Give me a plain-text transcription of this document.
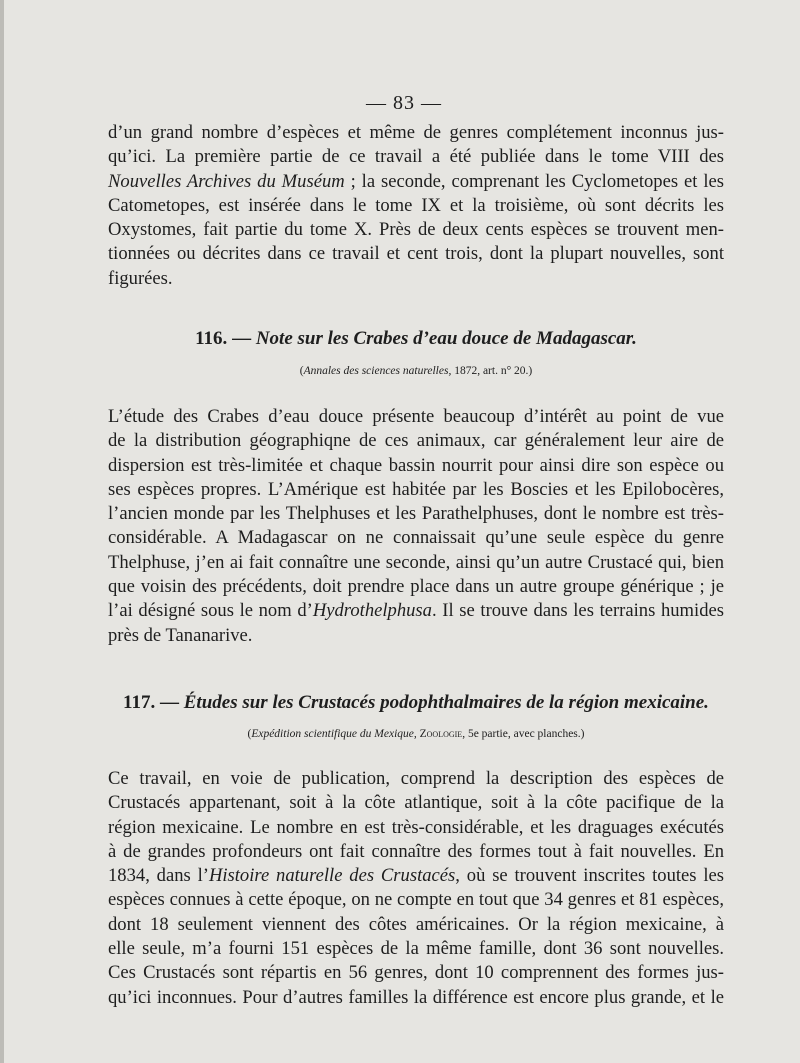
— 83 —
d’un grand nombre d’espèces et même de genres complétement inconnus jus-
qu’ici. La première partie de ce travail a été publiée dans le tome VIII des
Nouvelles Archives du Muséum ; la seconde, comprenant les Cyclometopes et les
Catometopes, est insérée dans le tome IX et la troisième, où sont décrits les
Oxystomes, fait partie du tome X. Près de deux cents espèces se trouvent men-
tionnées ou décrites dans ce travail et cent trois, dont la plupart nouvelles, sont
figurées.
116. — Note sur les Crabes d’eau douce de Madagascar.
(Annales des sciences naturelles, 1872, art. n° 20.)
L’étude des Crabes d’eau douce présente beaucoup d’intérêt au point de vue
de la distribution géographiqne de ces animaux, car généralement leur aire de
dispersion est très-limitée et chaque bassin nourrit pour ainsi dire son espèce ou
ses espèces propres. L’Amérique est habitée par les Boscies et les Epilobocères,
l’ancien monde par les Thelphuses et les Parathelphuses, dont le nombre est très-
considérable. A Madagascar on ne connaissait qu’une seule espèce du genre
Thelphuse, j’en ai fait connaître une seconde, ainsi qu’un autre Crustacé qui, bien
que voisin des précédents, doit prendre place dans un autre groupe générique ; je
l’ai désigné sous le nom d’Hydrothelphusa. Il se trouve dans les terrains humides
près de Tananarive.
117. — Études sur les Crustacés podophthalmaires de la région mexicaine.
(Expédition scientifique du Mexique, Zoologie, 5e partie, avec planches.)
Ce travail, en voie de publication, comprend la description des espèces de
Crustacés appartenant, soit à la côte atlantique, soit à la côte pacifique de la
région mexicaine. Le nombre en est très-considérable, et les draguages exécutés
à de grandes profondeurs ont fait connaître des formes tout à fait nouvelles. En
1834, dans l’Histoire naturelle des Crustacés, où se trouvent inscrites toutes les
espèces connues à cette époque, on ne compte en tout que 34 genres et 81 espèces,
dont 18 seulement viennent des côtes américaines. Or la région mexicaine, à
elle seule, m’a fourni 151 espèces de la même famille, dont 36 sont nouvelles.
Ces Crustacés sont répartis en 56 genres, dont 10 comprennent des formes jus-
qu’ici inconnues. Pour d’autres familles la différence est encore plus grande, et le
